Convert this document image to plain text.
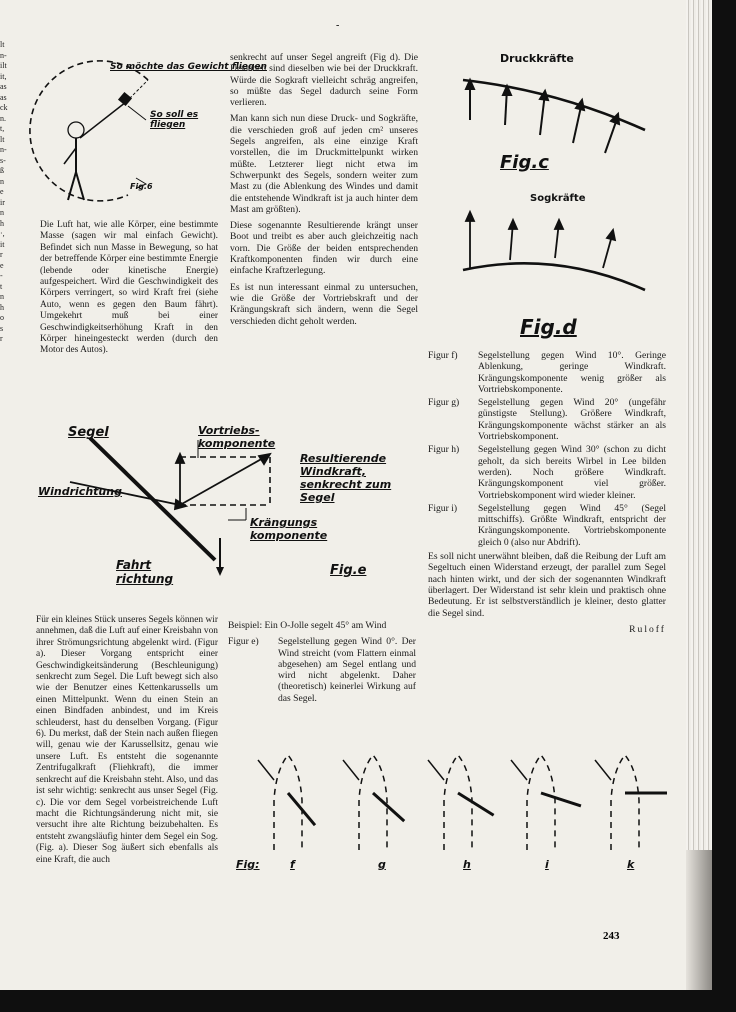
-
lt
n-
ilt
it,
as
as
ck
n.
t,
lt
n-
s-
ß
n
e
ir
n
h
·,
it
r
e
-
t
n
h
o
s
r
So möchte das Gewicht fliegen
So soll es fliegen
Fig.6
Die Luft hat, wie alle Körper, eine bestimmte Masse (sagen wir mal einfach Gewicht). Befindet sich nun Masse in Bewegung, so hat der betreffende Körper eine bestimmte Energie (lebende oder kinetische Energie) aufgespeichert. Wird die Geschwindigkeit des Körpers verringert, so wird Kraft frei (siehe Auto, wenn es gegen den Baum fährt). Umgekehrt muß bei einer Geschwindigkeitserhöhung Kraft in den Körper hineingesteckt werden (durch den Motor des Autos).

senkrecht auf unser Segel angreift (Fig d). Die Ursachen sind dieselben wie bei der Druckkraft. Würde die Sogkraft vielleicht schräg angreifen, so müßte das Segel dadurch seine Form verlieren.

Man kann sich nun diese Druck- und Sogkräfte, die verschieden groß auf jeden cm² unseres Segels angreifen, als eine einzige Kraft vorstellen, die im Druckmittelpunkt wirken müßte. Letzterer liegt nicht etwa im Schwerpunkt des Segels, sondern weiter zum Mast zu (die Ablenkung des Windes und damit die entstehende Windkraft ist ja auch hinter dem Mast am größten).

Diese sogenannte Resultierende krängt unser Boot und treibt es aber auch gleichzeitig nach vorn. Die Größe der beiden entsprechenden Kraftkomponenten finden wir durch eine einfache Kraftzerlegung.

Es ist nun interessant einmal zu untersuchen, wie die Größe der Vortriebskraft und der Krängungskraft sich ändern, wenn die Segel verschieden dicht geholt werden.

Druckkräfte
Fig.c
Sogkräfte
Fig.d
Figur f)	Segelstellung gegen Wind 10°. Geringe Ablenkung, geringe Windkraft. Krängungskomponente wenig größer als Vortriebskomponente.
Figur g)	Segelstellung gegen Wind 20° (ungefähr günstigste Stellung). Größere Windkraft, Krängungskomponente wächst stärker an als Vortriebskomponent.
Figur h)	Segelstellung gegen Wind 30° (schon zu dicht geholt, da sich bereits Wirbel in Lee bilden werden). Noch größere Windkraft. Krängungskomponent viel größer. Vortriebskomponent wird wieder kleiner.
Figur i)	Segelstellung gegen Wind 45° (Segel mittschiffs). Größte Windkraft, entspricht der Krängungskomponente. Vortriebskomponente gleich 0 (also nur Abdrift).

Es soll nicht unerwähnt bleiben, daß die Reibung der Luft am Segeltuch einen Widerstand erzeugt, der parallel zum Segel nach hinten wirkt, und der sich der sogenannten Windkraft überlagert. Der Widerstand ist sehr klein und praktisch ohne Bedeutung. Er ist selbstverständlich je kleiner, desto glatter die Segel sind.

Ruloff
Segel	Vortriebs-komponente
Resultierende Windkraft, senkrecht zum Segel
Windrichtung
Krängungs komponente
Fahrt richtung
Fig.e
Für ein kleines Stück unseres Segels können wir annehmen, daß die Luft auf einer Kreisbahn von ihrer Strömungsrichtung abgelenkt wird. (Figur a). Dieser Vorgang entspricht einer Geschwindigkeitsänderung (Beschleunigung) senkrecht zum Segel. Die Luft bewegt sich also wie der Benutzer eines Kettenkarussells um einen Mittelpunkt. Wenn du einen Stein an einen Bindfaden anbindest, und im Kreis schleuderst, hast du denselben Vorgang. (Figur 6). Du merkst, daß der Stein nach außen fliegen will, genau wie der Karussellsitz, genau wie unsere Luft. Es entsteht die sogenannte Zentrifugalkraft (Fliehkraft), die immer senkrecht auf die Kreisbahn steht. Also, und das ist sehr wichtig: senkrecht aus unser Segel (Fig. c). Die vor dem Segel vorbeistreichende Luft macht die Richtungsänderung nicht mit, sie versucht ihre alte Richtung beizubehalten. Es entsteht zwangsläufig hinter dem Segel ein Sog. (Fig. a). Dieser Sog äußert sich ebenfalls als eine Kraft, die auch

Beispiel: Ein O-Jolle segelt 45° am Wind

Figur e)	Segelstellung gegen Wind 0°. Der Wind streicht (vom Flattern einmal abgesehen) am Segel entlang und wird nicht abgelenkt. Daher (theoretisch) keinerlei Wirkung auf das Segel.
Fig:	f	g	h	i	k
243
